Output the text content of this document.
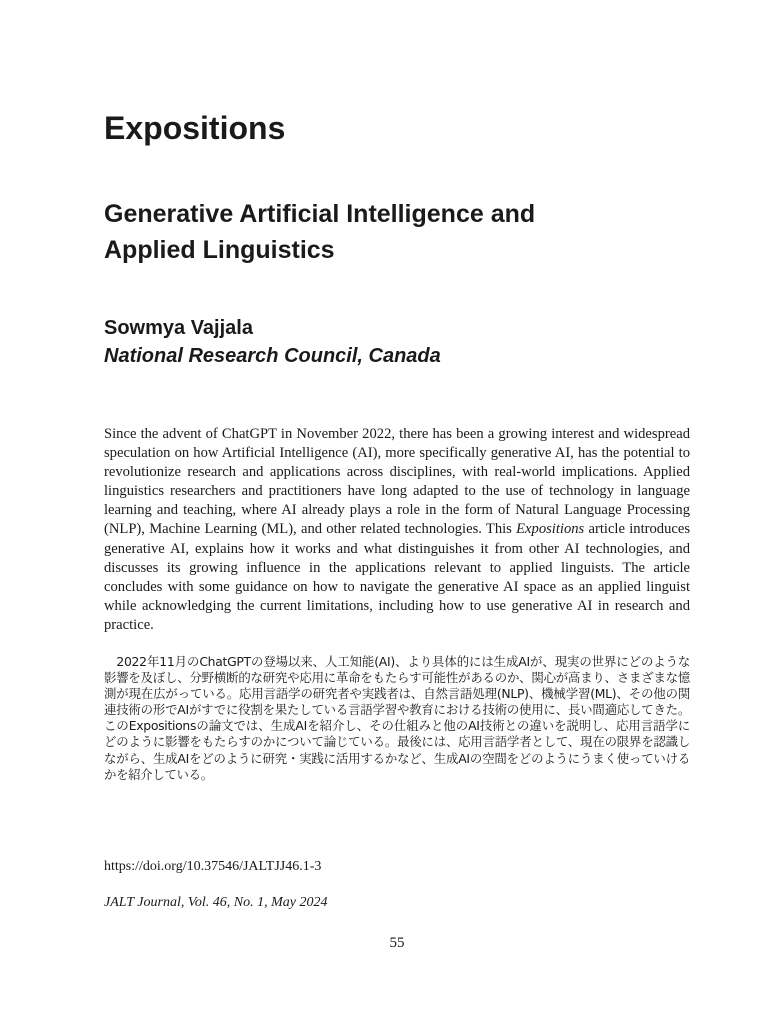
Expositions
Generative Artificial Intelligence and
Applied Linguistics
Sowmya Vajjala
National Research Council, Canada

Since the advent of ChatGPT in November 2022, there has been a growing interest and widespread speculation on how Artificial Intelligence (AI), more specifically generative AI, has the potential to revolutionize research and applications across disciplines, with real-world implications. Applied linguistics researchers and practitioners have long adapted to the use of technology in language learning and teaching, where AI already plays a role in the form of Natural Language Processing (NLP), Machine Learning (ML), and other related technologies. This Expositions article introduces generative AI, explains how it works and what distinguishes it from other AI technologies, and discusses its growing influence in the applications relevant to applied linguists. The article concludes with some guidance on how to navigate the generative AI space as an applied linguist while acknowledging the current limitations, including how to use generative AI in research and practice.

2022年11月のChatGPTの登場以来、人工知能(AI)、より具体的には生成AIが、現実の世界にどのような影響を及ぼし、分野横断的な研究や応用に革命をもたらす可能性があるのか、関心が高まり、さまざまな憶測が現在広がっている。応用言語学の研究者や実践者は、自然言語処理(NLP)、機械学習(ML)、その他の関連技術の形でAIがすでに役割を果たしている言語学習や教育における技術の使用に、長い間適応してきた。このExpositionsの論文では、生成AIを紹介し、その仕組みと他のAI技術との違いを説明し、応用言語学にどのように影響をもたらすのかについて論じている。最後には、応用言語学者として、現在の限界を認識しながら、生成AIをどのように研究・実践に活用するかなど、生成AIの空間をどのようにうまく使っていけるかを紹介している。

https://doi.org/10.37546/JALTJJ46.1-3
JALT Journal, Vol. 46, No. 1, May 2024
55
